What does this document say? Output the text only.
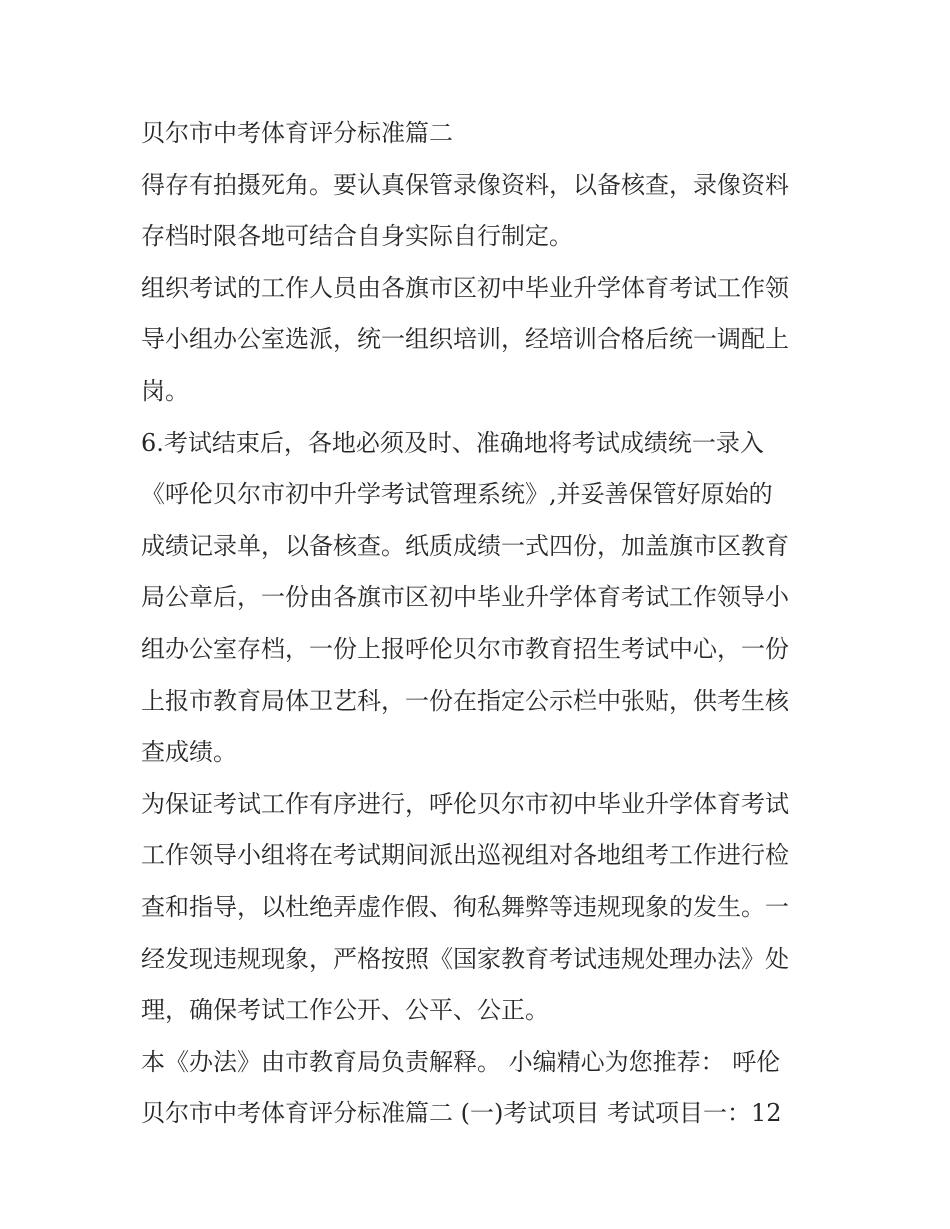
贝尔市中考体育评分标准篇二
得存有拍摄死角。要认真保管录像资料，以备核查，录像资料
存档时限各地可结合自身实际自行制定。
组织考试的工作人员由各旗市区初中毕业升学体育考试工作领
导小组办公室选派，统一组织培训，经培训合格后统一调配上
岗。
6.考试结束后，各地必须及时、准确地将考试成绩统一录入
《呼伦贝尔市初中升学考试管理系统》,并妥善保管好原始的
成绩记录单，以备核查。纸质成绩一式四份，加盖旗市区教育
局公章后，一份由各旗市区初中毕业升学体育考试工作领导小
组办公室存档，一份上报呼伦贝尔市教育招生考试中心，一份
上报市教育局体卫艺科，一份在指定公示栏中张贴，供考生核
查成绩。
为保证考试工作有序进行，呼伦贝尔市初中毕业升学体育考试
工作领导小组将在考试期间派出巡视组对各地组考工作进行检
查和指导，以杜绝弄虚作假、徇私舞弊等违规现象的发生。一
经发现违规现象，严格按照《国家教育考试违规处理办法》处
理，确保考试工作公开、公平、公正。
本《办法》由市教育局负责解释。 小编精心为您推荐： 呼伦
贝尔市中考体育评分标准篇二 (一)考试项目 考试项目一：12
